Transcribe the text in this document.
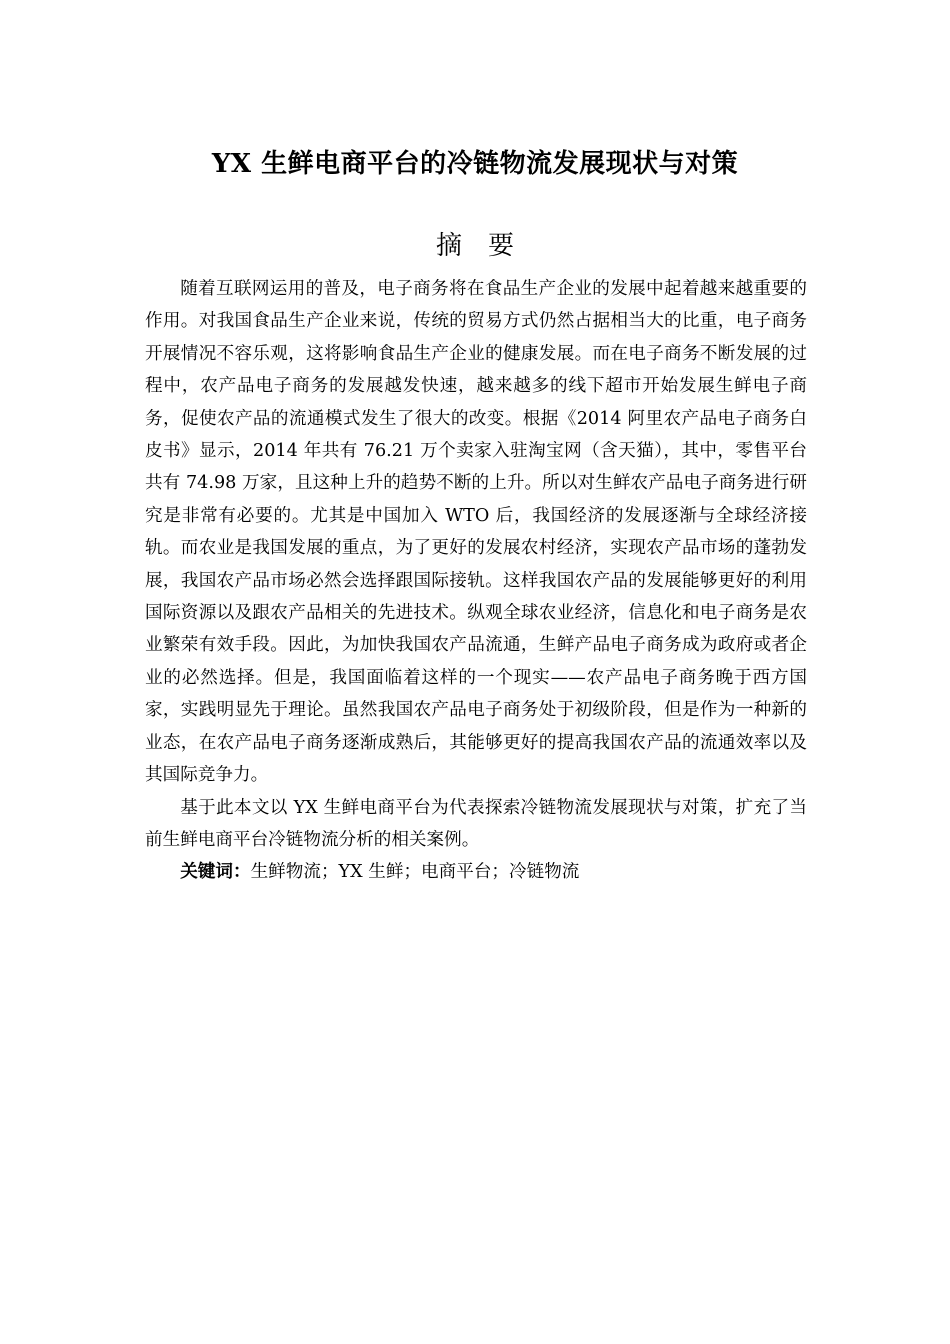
YX 生鲜电商平台的冷链物流发展现状与对策
摘 要

随着互联网运用的普及，电子商务将在食品生产企业的发展中起着越来越重要的作用。对我国食品生产企业来说，传统的贸易方式仍然占据相当大的比重，电子商务开展情况不容乐观，这将影响食品生产企业的健康发展。而在电子商务不断发展的过程中，农产品电子商务的发展越发快速，越来越多的线下超市开始发展生鲜电子商务，促使农产品的流通模式发生了很大的改变。根据《2014 阿里农产品电子商务白皮书》显示，2014 年共有 76.21 万个卖家入驻淘宝网（含天猫），其中，零售平台共有 74.98 万家，且这种上升的趋势不断的上升。所以对生鲜农产品电子商务进行研究是非常有必要的。尤其是中国加入 WTO 后，我国经济的发展逐渐与全球经济接轨。而农业是我国发展的重点，为了更好的发展农村经济，实现农产品市场的蓬勃发展，我国农产品市场必然会选择跟国际接轨。这样我国农产品的发展能够更好的利用国际资源以及跟农产品相关的先进技术。纵观全球农业经济，信息化和电子商务是农业繁荣有效手段。因此，为加快我国农产品流通，生鲜产品电子商务成为政府或者企业的必然选择。但是，我国面临着这样的一个现实——农产品电子商务晚于西方国家，实践明显先于理论。虽然我国农产品电子商务处于初级阶段，但是作为一种新的业态，在农产品电子商务逐渐成熟后，其能够更好的提高我国农产品的流通效率以及其国际竞争力。

基于此本文以 YX 生鲜电商平台为代表探索冷链物流发展现状与对策，扩充了当前生鲜电商平台冷链物流分析的相关案例。

关键词：生鲜物流；YX 生鲜；电商平台；冷链物流
